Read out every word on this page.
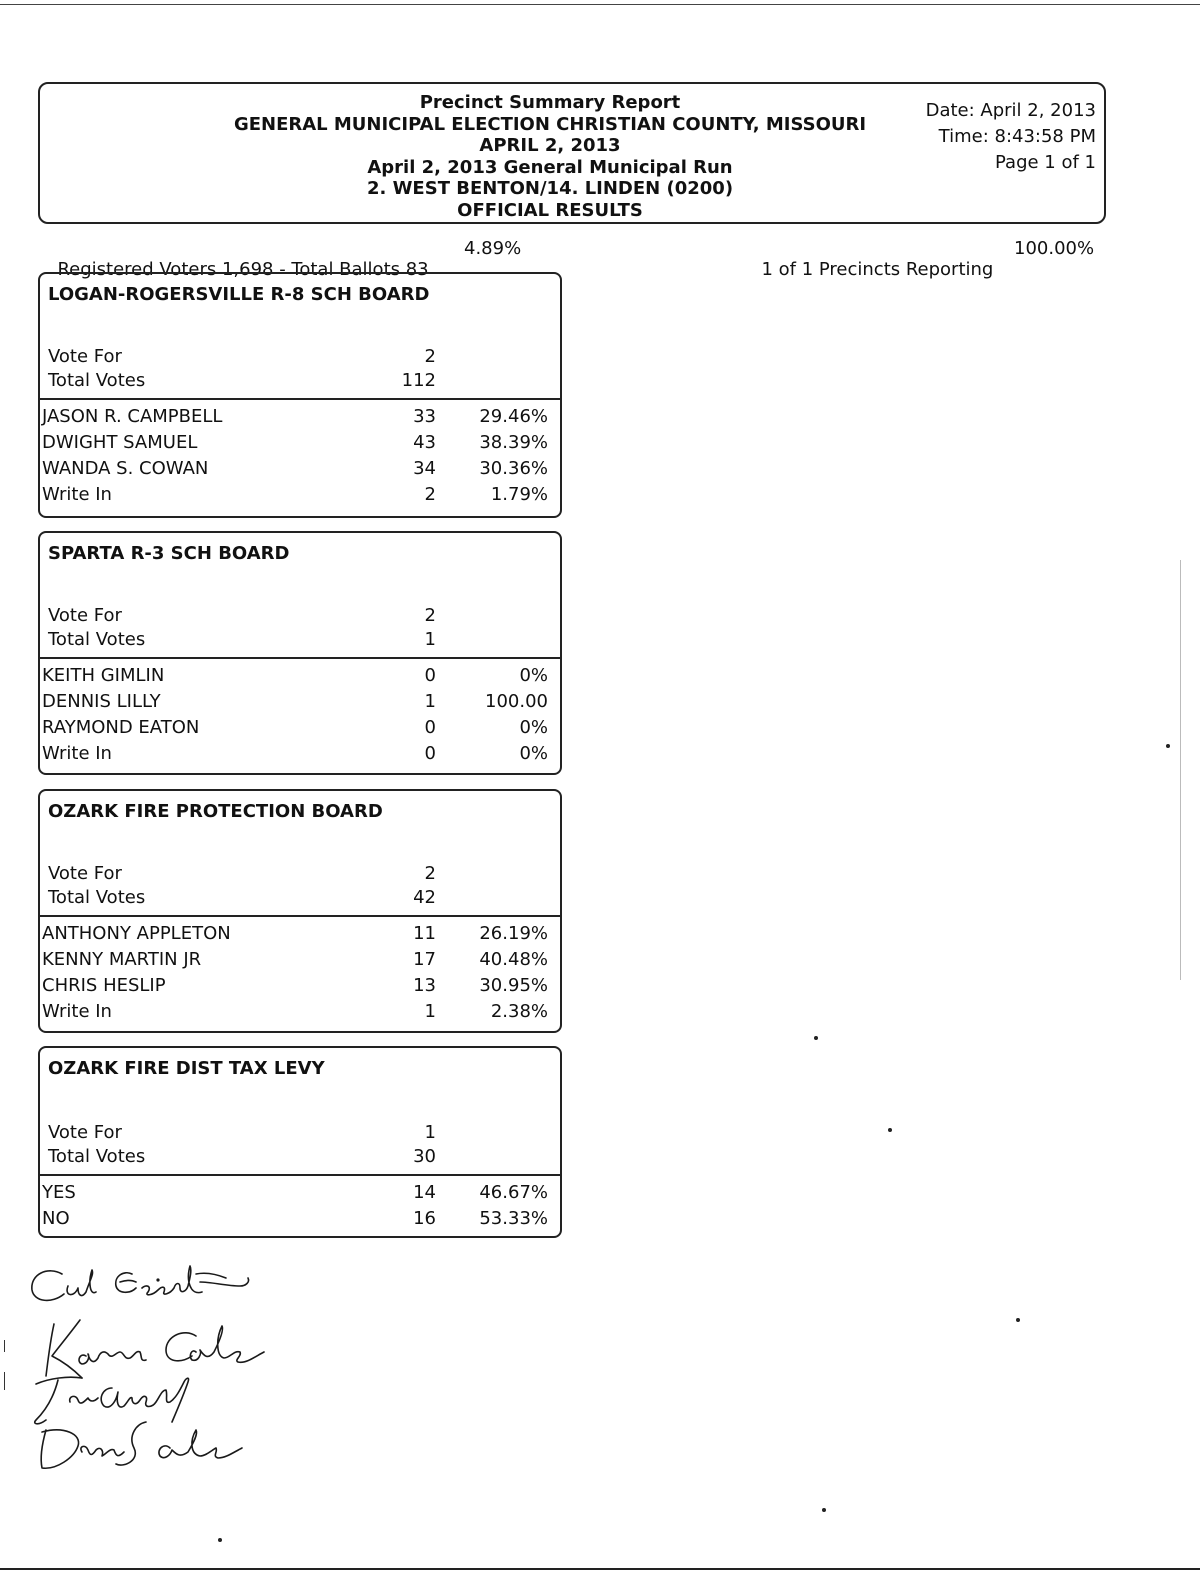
Precinct Summary Report
GENERAL MUNICIPAL ELECTION CHRISTIAN COUNTY, MISSOURI
APRIL 2, 2013
April 2, 2013 General Municipal Run
2. WEST BENTON/14. LINDEN (0200)
OFFICIAL RESULTS
Date: April 2, 2013
Time: 8:43:58 PM
Page 1 of 1

Registered Voters 1,698 - Total Ballots 83

4.89%

1 of 1 Precincts Reporting

100.00%

LOGAN-ROGERSVILLE R-8 SCH BOARD
Vote For	2
Total Votes	112
JASON R. CAMPBELL	33 29.46%
DWIGHT SAMUEL	43 38.39%
WANDA S. COWAN	34 30.36%
Write In	2	1.79%
SPARTA R-3 SCH BOARD
Vote For	2
Total Votes	1
KEITH GIMLIN	0	0%
DENNIS LILLY	1	100.00
RAYMOND EATON	0	0%
Write In	0	0%
OZARK FIRE PROTECTION BOARD
Vote For	2
Total Votes	42
ANTHONY APPLETON	11 26.19%
KENNY MARTIN JR	17 40.48%
CHRIS HESLIP	13 30.95%
Write In	1	2.38%
OZARK FIRE DIST TAX LEVY
Vote For	1
Total Votes	30
YES	14 46.67%
NO	16 53.33%
